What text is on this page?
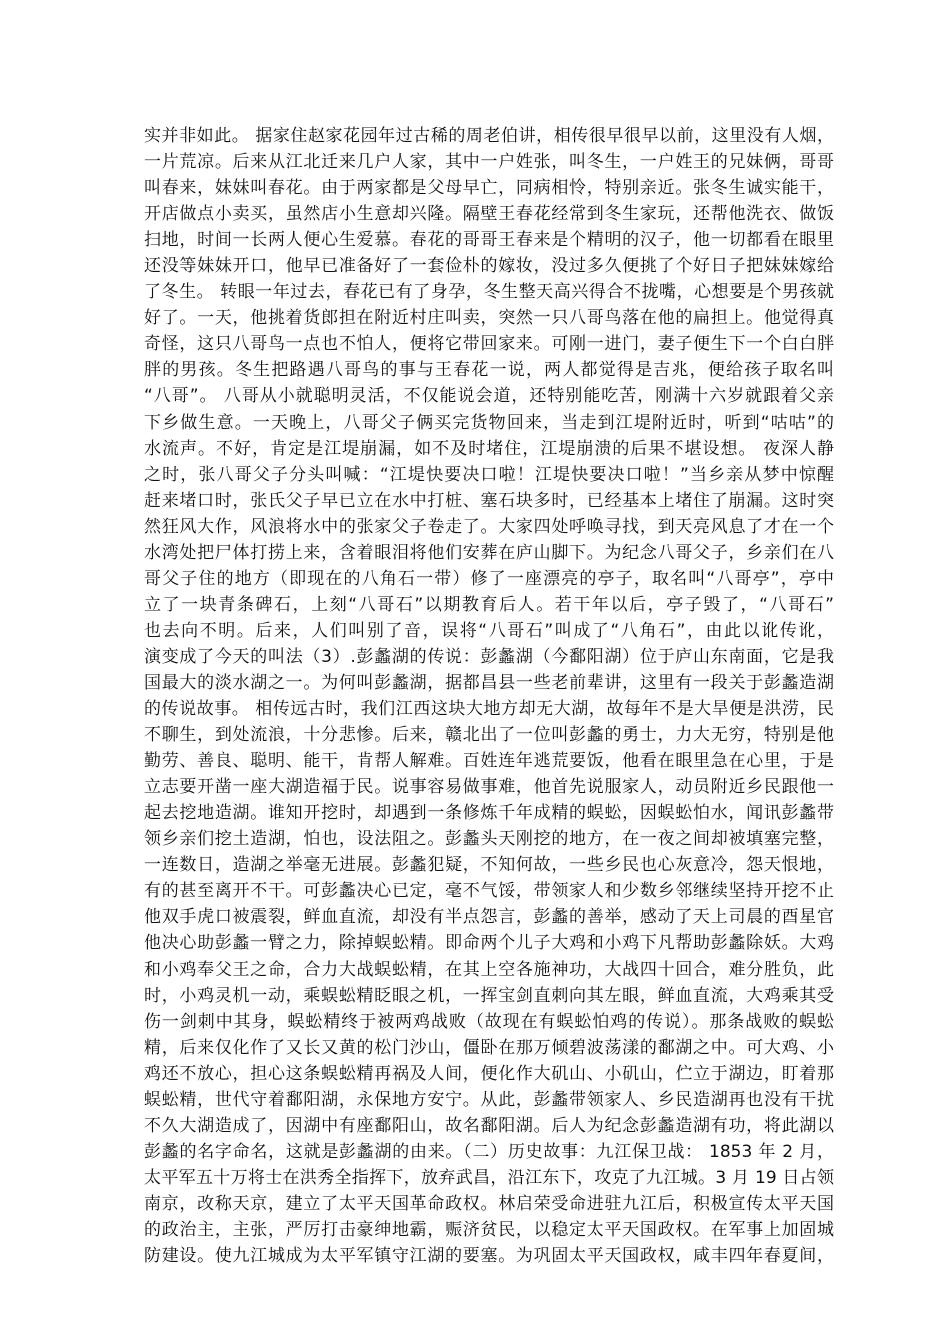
实并非如此。 据家住赵家花园年过古稀的周老伯讲，相传很早很早以前，这里没有人烟，
一片荒凉。后来从江北迁来几户人家，其中一户姓张，叫冬生，一户姓王的兄妹俩，哥哥
叫春来，妹妹叫春花。由于两家都是父母早亡，同病相怜，特别亲近。张冬生诚实能干，
开店做点小卖买，虽然店小生意却兴隆。隔壁王春花经常到冬生家玩，还帮他洗衣、做饭
扫地，时间一长两人便心生爱慕。春花的哥哥王春来是个精明的汉子，他一切都看在眼里
还没等妹妹开口，他早已准备好了一套俭朴的嫁妆，没过多久便挑了个好日子把妹妹嫁给
了冬生。 转眼一年过去，春花已有了身孕，冬生整天高兴得合不拢嘴，心想要是个男孩就
好了。一天，他挑着货郎担在附近村庄叫卖，突然一只八哥鸟落在他的扁担上。他觉得真
奇怪，这只八哥鸟一点也不怕人，便将它带回家来。可刚一进门，妻子便生下一个白白胖
胖的男孩。冬生把路遇八哥鸟的事与王春花一说，两人都觉得是吉兆，便给孩子取名叫
“八哥”。 八哥从小就聪明灵活，不仅能说会道，还特别能吃苦，刚满十六岁就跟着父亲
下乡做生意。一天晚上，八哥父子俩买完货物回来，当走到江堤附近时，听到“咕咕”的
水流声。不好，肯定是江堤崩漏，如不及时堵住，江堤崩溃的后果不堪设想。 夜深人静
之时，张八哥父子分头叫喊：“江堤快要决口啦！江堤快要决口啦！”当乡亲从梦中惊醒
赶来堵口时，张氏父子早已立在水中打桩、塞石块多时，已经基本上堵住了崩漏。这时突
然狂风大作，风浪将水中的张家父子卷走了。大家四处呼唤寻找，到天亮风息了才在一个
水湾处把尸体打捞上来，含着眼泪将他们安葬在庐山脚下。为纪念八哥父子，乡亲们在八
哥父子住的地方（即现在的八角石一带）修了一座漂亮的亭子，取名叫“八哥亭”，亭中
立了一块青条碑石，上刻“八哥石”以期教育后人。若干年以后，亭子毁了，“八哥石”
也去向不明。后来，人们叫别了音，误将“八哥石”叫成了“八角石”，由此以讹传讹，
演变成了今天的叫法（3）.彭蠡湖的传说：彭蠡湖（今鄱阳湖）位于庐山东南面，它是我
国最大的淡水湖之一。为何叫彭蠡湖，据都昌县一些老前辈讲，这里有一段关于彭蠡造湖
的传说故事。 相传远古时，我们江西这块大地方却无大湖，故每年不是大旱便是洪涝，民
不聊生，到处流浪，十分悲惨。后来，赣北出了一位叫彭蠡的勇士，力大无穷，特别是他
勤劳、善良、聪明、能干，肯帮人解难。百姓连年逃荒要饭，他看在眼里急在心里，于是
立志要开凿一座大湖造福于民。说事容易做事难，他首先说服家人，动员附近乡民跟他一
起去挖地造湖。谁知开挖时，却遇到一条修炼千年成精的蜈蚣，因蜈蚣怕水，闻讯彭蠡带
领乡亲们挖土造湖，怕也，设法阻之。彭蠡头天刚挖的地方，在一夜之间却被填塞完整，
一连数日，造湖之举毫无进展。彭蠡犯疑，不知何故，一些乡民也心灰意冷，怨天恨地，
有的甚至离开不干。可彭蠡决心已定，毫不气馁，带领家人和少数乡邻继续坚持开挖不止
他双手虎口被震裂，鲜血直流，却没有半点怨言，彭蠡的善举，感动了天上司晨的酉星官
他决心助彭蠡一臂之力，除掉蜈蚣精。即命两个儿子大鸡和小鸡下凡帮助彭蠡除妖。大鸡
和小鸡奉父王之命，合力大战蜈蚣精，在其上空各施神功，大战四十回合，难分胜负，此
时，小鸡灵机一动，乘蜈蚣精眨眼之机，一挥宝剑直刺向其左眼，鲜血直流，大鸡乘其受
伤一剑刺中其身，蜈蚣精终于被两鸡战败（故现在有蜈蚣怕鸡的传说）。那条战败的蜈蚣
精，后来仅化作了又长又黄的松门沙山，僵卧在那万倾碧波荡漾的鄱湖之中。可大鸡、小
鸡还不放心，担心这条蜈蚣精再祸及人间，便化作大矶山、小矶山，伫立于湖边，盯着那
蜈蚣精，世代守着鄱阳湖，永保地方安宁。从此，彭蠡带领家人、乡民造湖再也没有干扰
不久大湖造成了，因湖中有座鄱阳山，故名鄱阳湖。后人为纪念彭蠡造湖有功，将此湖以
彭蠡的名字命名，这就是彭蠡湖的由来。（二）历史故事：九江保卫战： 1853 年 2 月，
太平军五十万将士在洪秀全指挥下，放弃武昌，沿江东下，攻克了九江城。3 月 19 日占领
南京，改称天京，建立了太平天国革命政权。林启荣受命进驻九江后，积极宣传太平天国
的政治主，主张，严厉打击豪绅地霸，赈济贫民，以稳定太平天国政权。在军事上加固城
防建设。使九江城成为太平军镇守江湖的要塞。为巩固太平天国政权，咸丰四年春夏间，
